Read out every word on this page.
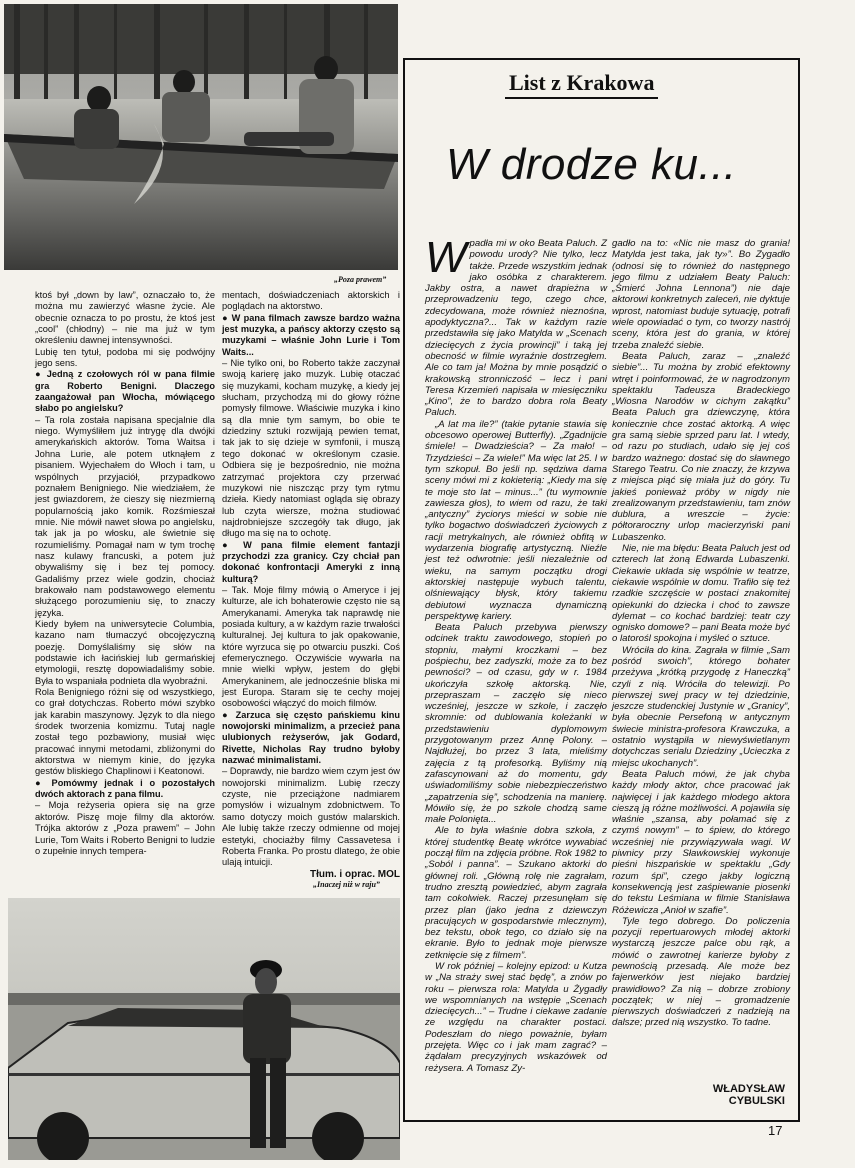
„Poza prawem”

ktoś był „down by law”, oznaczało to, że można mu zawierzyć własne życie. Ale obecnie oznacza to po prostu, że ktoś jest „cool” (chłodny) – nie ma już w tym określeniu dawnej intensywności.

Lubię ten tytuł, podoba mi się podwójny jego sens.

● Jedną z czołowych ról w pana filmie gra Roberto Benigni. Dlaczego zaangażował pan Włocha, mówiącego słabo po angielsku?

– Ta rola została napisana specjalnie dla niego. Wymyśliłem już intrygę dla dwójki amerykańskich aktorów. Toma Waitsa i Johna Lurie, ale potem utknąłem z pisaniem. Wyjechałem do Włoch i tam, u wspólnych przyjaciół, przypadkowo poznałem Benigniego. Nie wiedziałem, że jest gwiazdorem, że cieszy się niezmierną popularnością jako komik. Rozśmieszał mnie. Nie mówił nawet słowa po angielsku, tak jak ja po włosku, ale świetnie się rozumieliśmy. Pomagał nam w tym trochę nasz kulawy francuski, a potem już obywaliśmy się i bez tej pomocy. Gadaliśmy przez wiele godzin, chociaż brakowało nam podstawowego elementu służącego porozumieniu się, to znaczy języka.

Kiedy byłem na uniwersytecie Columbia, kazano nam tłumaczyć obcojęzyczną poezję. Domyślaliśmy się słów na podstawie ich łacińskiej lub germańskiej etymologii, resztę dopowiadaliśmy sobie. Była to wspaniała podnieta dla wyobraźni.

Rola Benigniego różni się od wszystkiego, co grał dotychczas. Roberto mówi szybko jak karabin maszynowy. Język to dla niego środek tworzenia komizmu. Tutaj nagle został tego pozbawiony, musiał więc pracować innymi metodami, zbliżonymi do aktorstwa w niemym kinie, do języka gestów bliskiego Chaplinowi i Keatonowi.

● Pomówmy jednak i o pozostałych dwóch aktorach z pana filmu.

– Moja reżyseria opiera się na grze aktorów. Piszę moje filmy dla aktorów. Trójka aktorów z „Poza prawem” – John Lurie, Tom Waits i Roberto Benigni to ludzie o zupełnie innych tempera-

mentach, doświadczeniach aktorskich i poglądach na aktorstwo.

● W pana filmach zawsze bardzo ważna jest muzyka, a pańscy aktorzy często są muzykami – właśnie John Lurie i Tom Waits...

– Nie tylko oni, bo Roberto także zaczynał swoją karierę jako muzyk. Lubię otaczać się muzykami, kocham muzykę, a kiedy jej słucham, przychodzą mi do głowy różne pomysły filmowe. Właściwie muzyka i kino są dla mnie tym samym, bo obie te dziedziny sztuki rozwijają pewien temat, tak jak to się dzieje w symfonii, i muszą tego dokonać w określonym czasie. Odbiera się je bezpośrednio, nie można zatrzymać projektora czy przerwać muzykowi nie niszcząc przy tym rytmu dzieła. Kiedy natomiast ogląda się obrazy lub czyta wiersze, można studiować najdrobniejsze szczegóły tak długo, jak długo ma się na to ochotę.

● W pana filmie element fantazji przychodzi zza granicy. Czy chciał pan dokonać konfrontacji Ameryki z inną kulturą?

– Tak. Moje filmy mówią o Ameryce i jej kulturze, ale ich bohaterowie często nie są Amerykanami. Ameryka tak naprawdę nie posiada kultury, a w każdym razie trwałości kulturalnej. Jej kultura to jak opakowanie, które wyrzuca się po otwarciu puszki. Coś efemerycznego. Oczywiście wywarła na mnie wielki wpływ, jestem do głębi Amerykaninem, ale jednocześnie bliska mi jest Europa. Staram się te cechy mojej osobowości włączyć do moich filmów.

● Zarzuca się często pańskiemu kinu nowojorski minimalizm, a przecież pana ulubionych reżyserów, jak Godard, Rivette, Nicholas Ray trudno byłoby nazwać minimalistami.

– Doprawdy, nie bardzo wiem czym jest ów nowojorski minimalizm. Lubię rzeczy czyste, nie przeciążone nadmiarem pomysłów i wizualnym zdobnictwem. To samo dotyczy moich gustów malarskich. Ale lubię także rzeczy odmienne od mojej estetyki, chociażby filmy Cassavetesa i Roberta Franka. Po prostu dlatego, że obie ulają intuicji.

Tłum. i oprac. MOL

„Inaczej niż w raju”
List z Krakowa
W drodze ku...

Wpadła mi w oko Beata Paluch. Z powodu urody? Nie tylko, lecz także. Przede wszystkim jednak jako osóbka z charakterem. Jakby ostra, a nawet drapieżna w przeprowadzeniu tego, czego chce, zdecydowana, może również nieznośna, apodyktyczna?... Tak w każdym razie przedstawiła się jako Matylda w „Scenach dziecięcych z życia prowincji” i taką jej obecność w filmie wyraźnie dostrzegłem. Ale co tam ja! Można by mnie posądzić o krakowską stronniczość – lecz i pani Teresa Krzemień napisała w miesięczniku „Kino”, że to bardzo dobra rola Beaty Paluch.

„A lat ma ile?” (takie pytanie stawia się obcesowo operowej Butterfly). „Zgadnijcie śmiele! – Dwadzieścia? – Za mało! – Trzydzieści – Za wiele!” Ma więc lat 25. I w tym szkopuł. Bo jeśli np. sędziwa dama sceny mówi mi z kokieterią: „Kiedy ma się te moje sto lat – minus...” (tu wymownie zawiesza głos), to wiem od razu, że taki „antyczny” życiorys mieści w sobie nie tylko bogactwo doświadczeń życiowych z racji metrykalnych, ale również obfitą w wydarzenia biografię artystyczną. Nieźle jest też odwrotnie: jeśli niezależnie od wieku, na samym początku drogi aktorskiej następuje wybuch talentu, olśniewający błysk, który takiemu debiutowi wyznacza dynamiczną perspektywę kariery.

Beata Paluch przebywa pierwszy odcinek traktu zawodowego, stopień po stopniu, małymi kroczkami – bez pośpiechu, bez zadyszki, może za to bez pewności? – od czasu, gdy w r. 1984 ukończyła szkołę aktorską. Nie, przepraszam – zaczęło się nieco wcześniej, jeszcze w szkole, i zaczęło skromnie: od dublowania koleżanki w przedstawieniu dyplomowym przygotowanym przez Annę Polony. – Najdłużej, bo przez 3 lata, mieliśmy zajęcia z tą profesorką. Byliśmy nią zafascynowani aż do momentu, gdy uświadomiliśmy sobie niebezpieczeństwo „zapatrzenia się”, schodzenia na manierę. Mówiło się, że po szkole chodzą same małe Polonięta...

Ale to była właśnie dobra szkoła, z której studentkę Beatę wkrótce wywabiać począł film na zdjęcia próbne. Rok 1982 to „Soból i panna”. – Szukano aktorki do głównej roli. „Główną rolę nie zagrałam, trudno zresztą powiedzieć, abym zagrała tam cokolwiek. Raczej przesunęłam się przez plan (jako jedna z dziewczyn pracujących w gospodarstwie mlecznym), bez tekstu, obok tego, co działo się na ekranie. Było to jednak moje pierwsze zetknięcie się z filmem”.

W rok później – kolejny epizod: u Kutza w „Na straży swej stać będę”, a znów po roku – pierwsza rola: Matylda u Żygadły we wspomnianych na wstępie „Scenach dziecięcych...” – Trudne i ciekawe zadanie ze względu na charakter postaci. Podeszłam do niego poważnie, byłam przejęta. Więc co i jak mam zagrać? – żądałam precyzyjnych wskazówek od reżysera. A Tomasz Zy-

gadło na to: «Nic nie masz do grania! Matylda jest taka, jak ty»”. Bo Zygadło (odnosi się to również do następnego jego filmu z udziałem Beaty Paluch: „Śmierć Johna Lennona”) nie daje aktorowi konkretnych zaleceń, nie dyktuje wprost, natomiast buduje sytuację, potrafi wiele opowiadać o tym, co tworzy nastrój sceny, która jest do grania, w której trzeba znaleźć siebie.

Beata Paluch, zaraz – „znaleźć siebie”... Tu można by zrobić efektowny wtręt i poinformować, że w nagrodzonym spektaklu Tadeusza Bradeckiego „Wiosna Narodów w cichym zakątku” Beata Paluch gra dziewczynę, która koniecznie chce zostać aktorką. A więc gra samą siebie sprzed paru lat. I wtedy, od razu po studiach, udało się jej coś bardzo ważnego: dostać się do sławnego Starego Teatru. Co nie znaczy, że krzywa z miejsca piąć się miała już do góry. Tu jakieś ponieważ próby w nigdy nie zrealizowanym przedstawieniu, tam znów dublura, a wreszcie – życie: półtoraroczny urlop macierzyński pani Lubaszenko.

Nie, nie ma błędu: Beata Paluch jest od czterech lat żoną Edwarda Lubaszenki. Ciekawie układa się wspólnie w teatrze, ciekawie wspólnie w domu. Trafiło się też rzadkie szczęście w postaci znakomitej opiekunki do dziecka i choć to zawsze dylemat – co kochać bardziej: teatr czy ognisko domowe? – pani Beata może być o latorośl spokojna i myśleć o sztuce.

Wróciła do kina. Zagrała w filmie „Sam pośród swoich”, którego bohater przeżywa „krótką przygodę z Haneczką” czyli z nią. Wróciła do telewizji. Po pierwszej swej pracy w tej dziedzinie, jeszcze studenckiej Justynie w „Granicy”, była obecnie Persefoną w antycznym świecie ministra-profesora Krawczuka, a ostatnio wystąpiła w niewyświetlanym dotychczas serialu Dziedziny „Ucieczka z miejsc ukochanych”.

Beata Paluch mówi, że jak chyba każdy młody aktor, chce pracować jak najwięcej i jak każdego młodego aktora cieszą ją różne możliwości. A pojawiła się właśnie „szansa, aby połamać się z czymś nowym” – to śpiew, do którego wcześniej nie przywiązywała wagi. W piwnicy przy Sławkowskiej wykonuje pieśni hiszpańskie w spektaklu „Gdy rozum śpi”, czego jakby logiczną konsekwencją jest zaśpiewanie piosenki do tekstu Leśmiana w filmie Stanisława Różewicza „Anioł w szafie”.

Tyle tego dobrego. Do policzenia pozycji repertuarowych młodej aktorki wystarczą jeszcze palce obu rąk, a mówić o zawrotnej karierze byłoby z pewnością przesadą. Ale może bez fajerwerków jest niejako bardziej prawidłowo? Za nią – dobrze zrobiony początek; w niej – gromadzenie pierwszych doświadczeń z nadzieją na dalsze; przed nią wszystko. To tadne.

WŁADYSŁAW
CYBULSKI
17
